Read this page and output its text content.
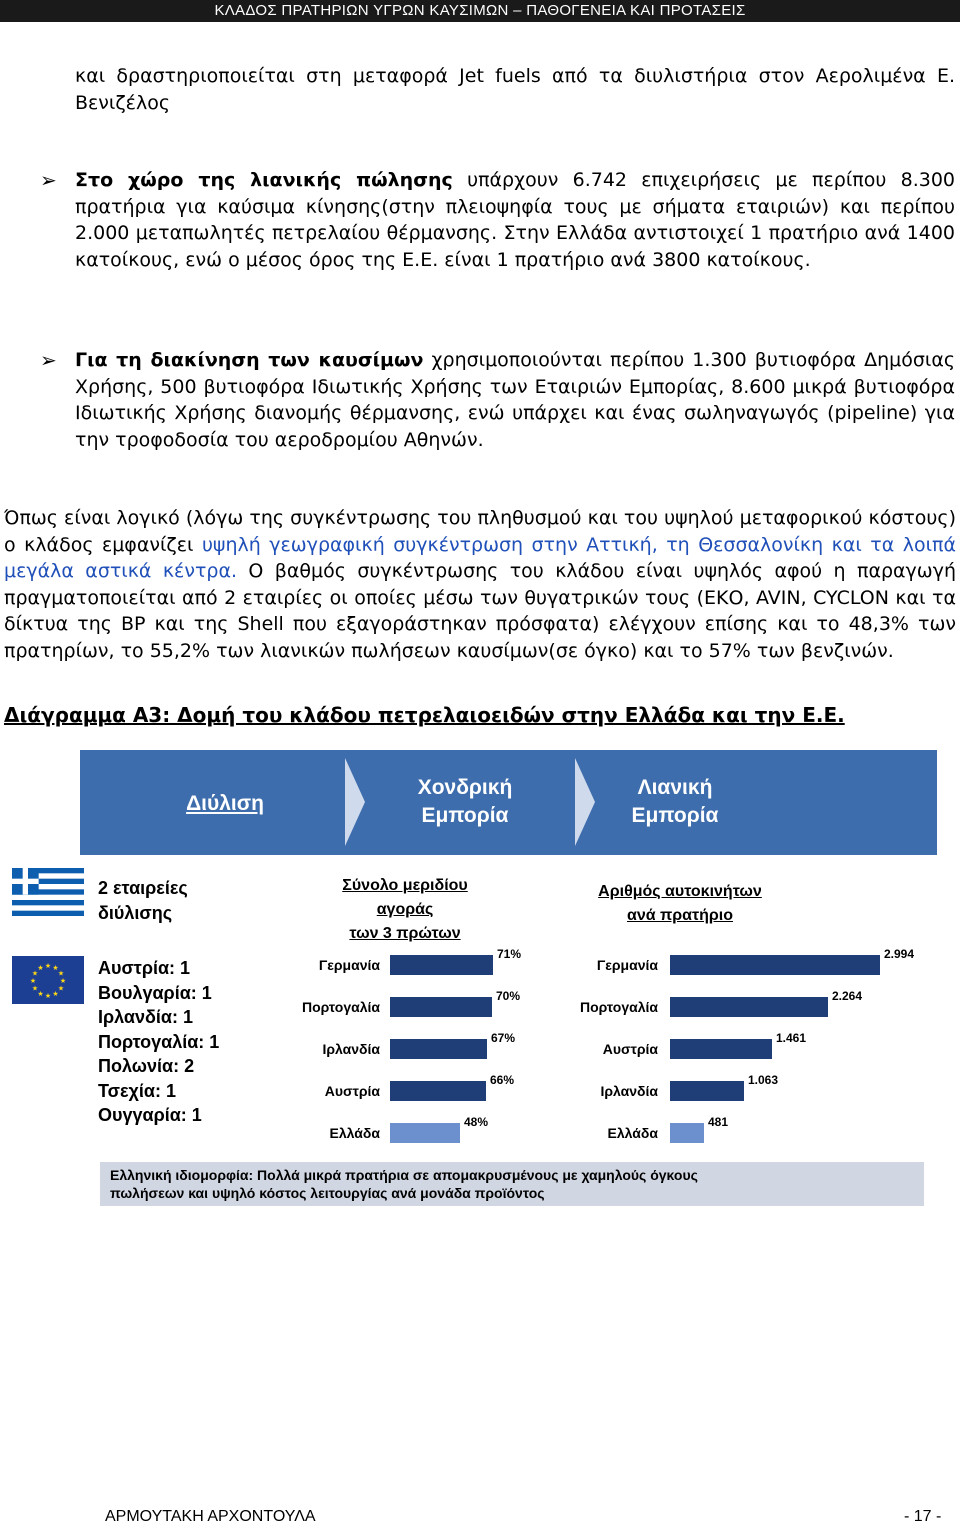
ΚΛΑΔΟΣ ΠΡΑΤΗΡΙΩΝ ΥΓΡΩΝ ΚΑΥΣΙΜΩΝ – ΠΑΘΟΓΕΝΕΙΑ ΚΑΙ ΠΡΟΤΑΣΕΙΣ
και δραστηριοποιείται στη μεταφορά Jet fuels από τα διυλιστήρια στον Αερολιμένα Ε. Βενιζέλος
➢ Στο χώρο της λιανικής πώλησης υπάρχουν 6.742 επιχειρήσεις με περίπου 8.300 πρατήρια για καύσιμα κίνησης(στην πλειοψηφία τους με σήματα εταιριών) και περίπου 2.000 μεταπωλητές πετρελαίου θέρμανσης. Στην Ελλάδα αντιστοιχεί 1 πρατήριο ανά 1400 κατοίκους, ενώ ο μέσος όρος της Ε.Ε. είναι 1 πρατήριο ανά 3800 κατοίκους.
➢ Για τη διακίνηση των καυσίμων χρησιμοποιούνται περίπου 1.300 βυτιοφόρα Δημόσιας Χρήσης, 500 βυτιοφόρα Ιδιωτικής Χρήσης των Εταιριών Εμπορίας, 8.600 μικρά βυτιοφόρα Ιδιωτικής Χρήσης διανομής θέρμανσης, ενώ υπάρχει και ένας σωληναγωγός (pipeline) για την τροφοδοσία του αεροδρομίου Αθηνών.
Όπως είναι λογικό (λόγω της συγκέντρωσης του πληθυσμού και του υψηλού μεταφορικού κόστους) ο κλάδος εμφανίζει υψηλή γεωγραφική συγκέντρωση στην Αττική, τη Θεσσαλονίκη και τα λοιπά μεγάλα αστικά κέντρα. Ο βαθμός συγκέντρωσης του κλάδου είναι υψηλός αφού η παραγωγή πραγματοποιείται από 2 εταιρίες οι οποίες μέσω των θυγατρικών τους (ΕΚΟ, AVIN, CYCLON και τα δίκτυα της BP και της Shell που εξαγοράστηκαν πρόσφατα) ελέγχουν επίσης και το 48,3% των πρατηρίων, το 55,2% των λιανικών πωλήσεων καυσίμων(σε όγκο) και το 57% των βενζινών.
Διάγραμμα Α3: Δομή του κλάδου πετρελαιοειδών στην Ελλάδα και την Ε.Ε.
Διύλιση
Χονδρική
Εμπορία
Λιανική
Εμπορία
2 εταιρείες
διύλισης
★ ★
★
★
★
★
★
★
★
★
★
★	Αυστρία: 1
Βουλγαρία: 1
Ιρλανδία: 1
Πορτογαλία: 1
Πολωνία: 2
Τσεχία: 1
Ουγγαρία: 1
Σύνολο μεριδίου
αγοράς
των 3 πρώτων
Αριθμός αυτοκινήτων
ανά πρατήριο
Γερμανία
Πορτογαλία
Ιρλανδία
Αυστρία
Ελλάδα
71%
70%
67%
66%
48%
Γερμανία
Πορτογαλία
Αυστρία
Ιρλανδία
Ελλάδα
2.994
2.264
1.461
1.063
481
Ελληνική ιδιομορφία: Πολλά μικρά πρατήρια σε απομακρυσμένους με χαμηλούς όγκους
πωλήσεων και υψηλό κόστος λειτουργίας ανά μονάδα προϊόντος
ΑΡΜΟΥΤΑΚΗ ΑΡΧΟΝΤΟΥΛΑ	- 17 -
